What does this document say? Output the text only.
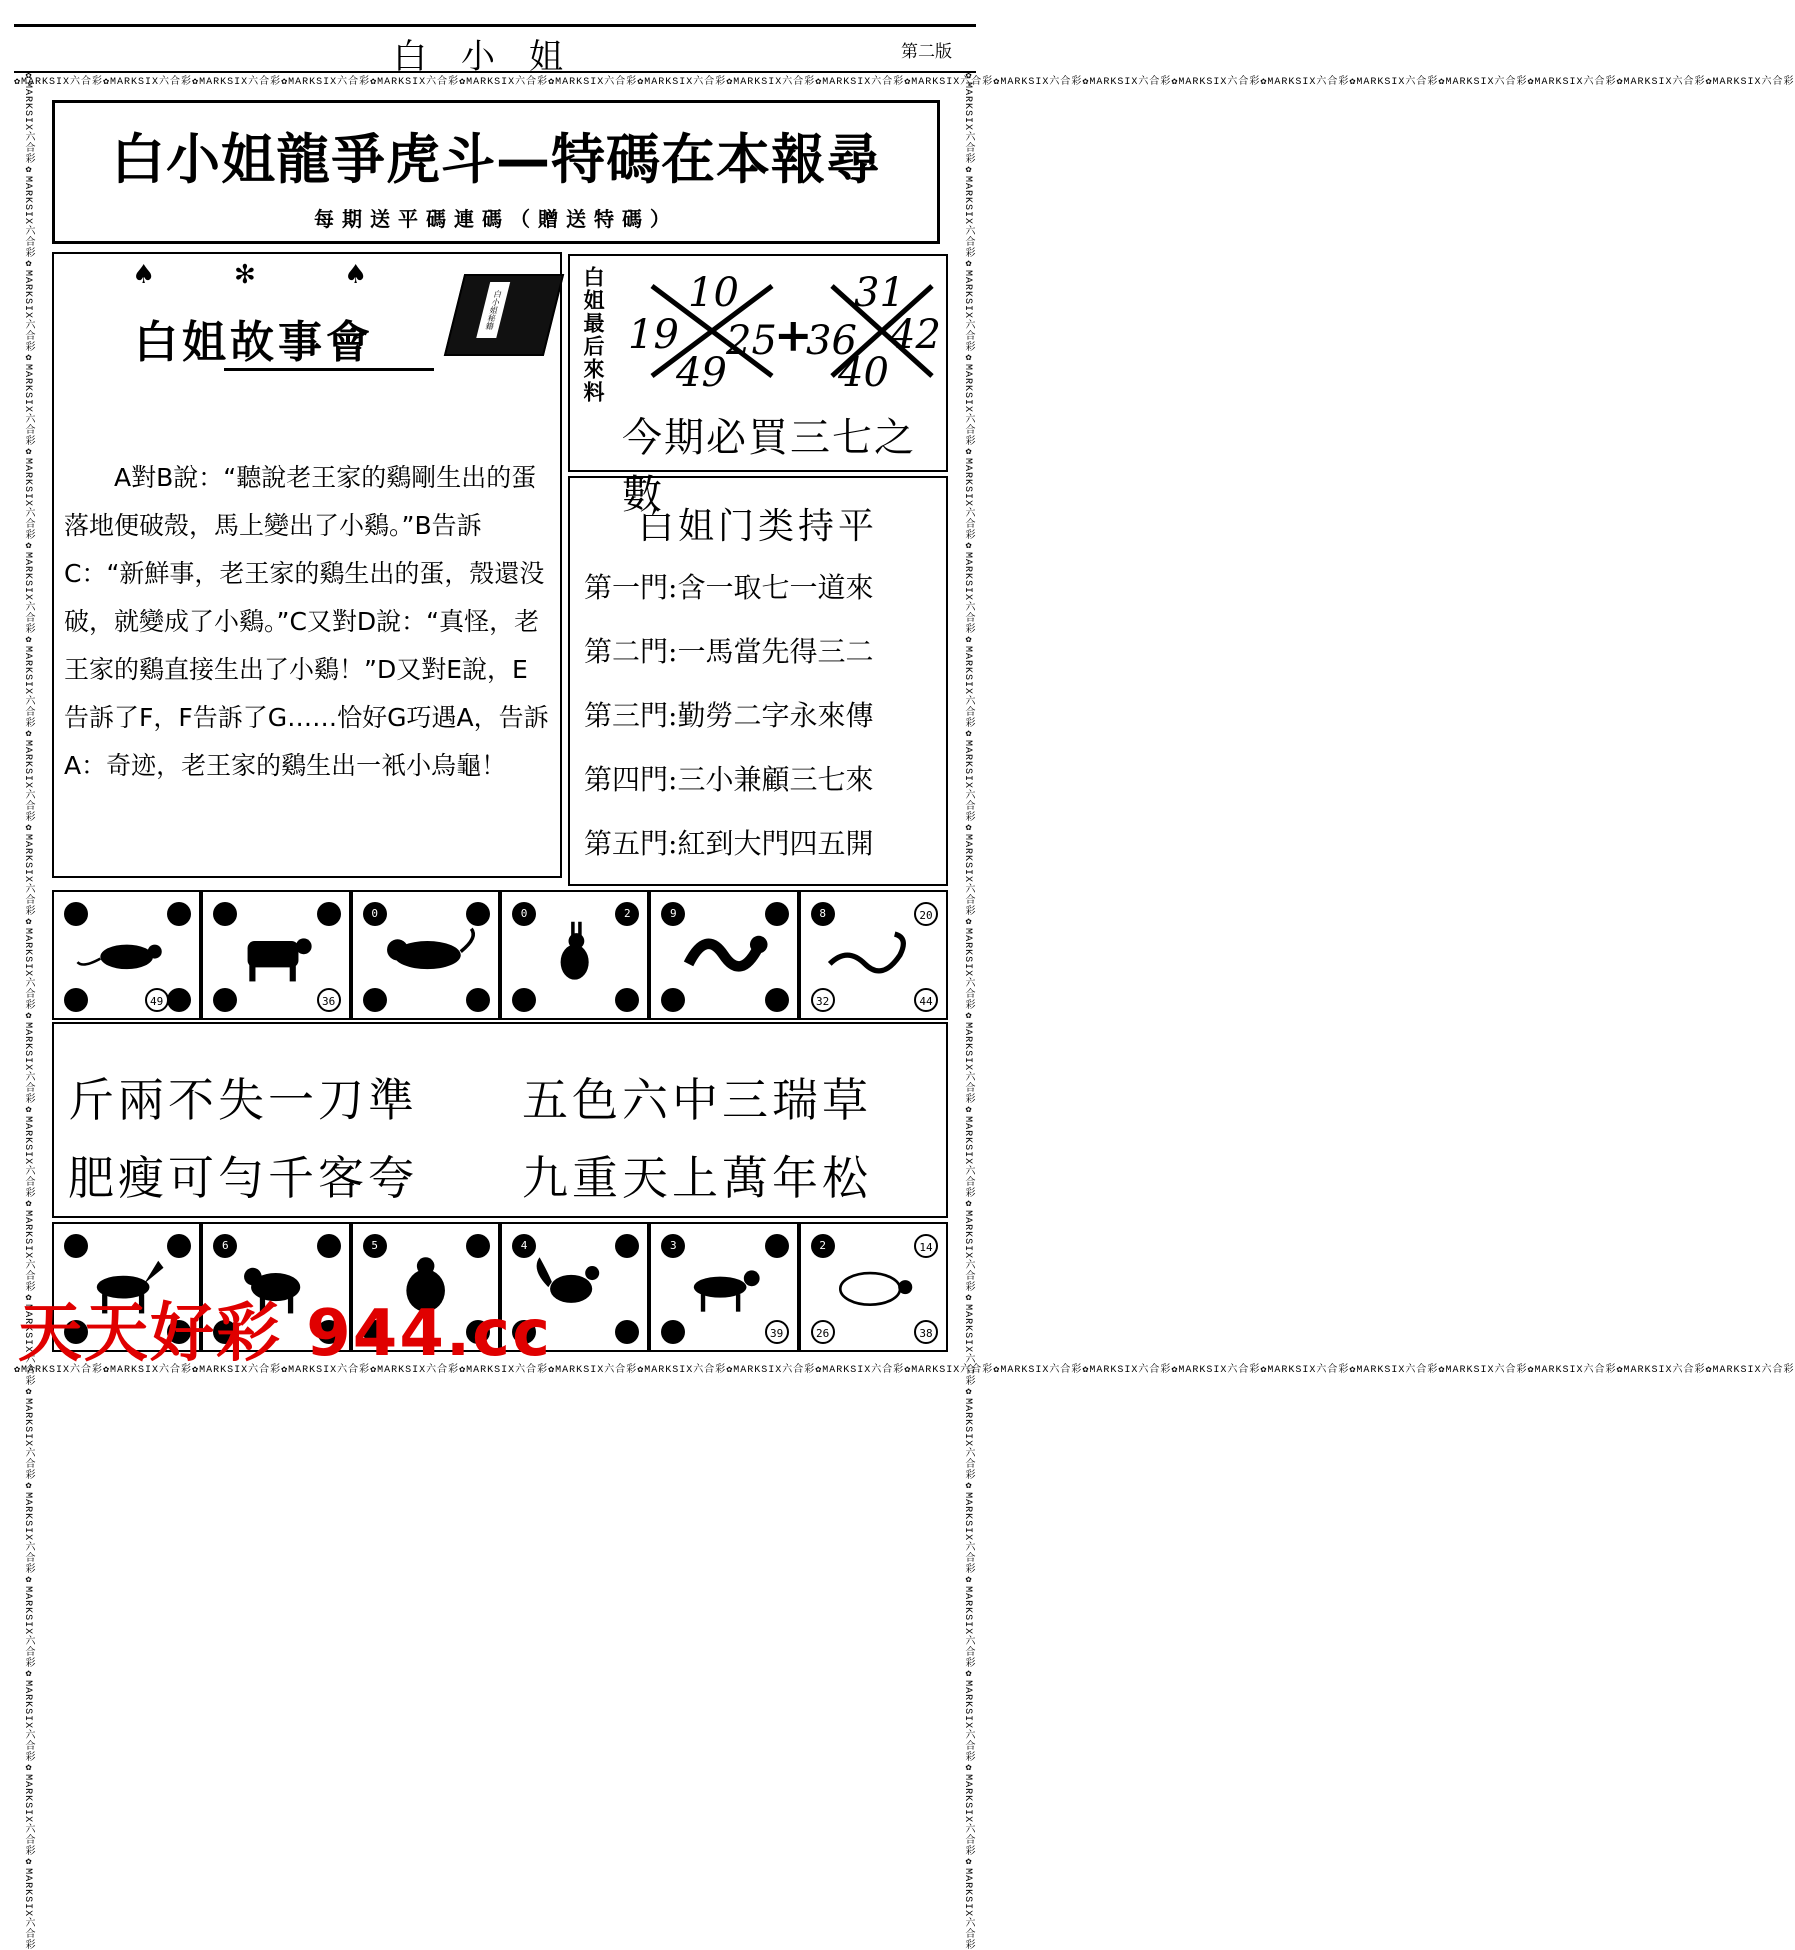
白小姐	第二版
✿MARKSIX六合彩✿MARKSIX六合彩✿MARKSIX六合彩✿MARKSIX六合彩✿MARKSIX六合彩✿MARKSIX六合彩✿MARKSIX六合彩✿MARKSIX六合彩✿MARKSIX六合彩✿MARKSIX六合彩✿MARKSIX六合彩✿MARKSIX六合彩✿MARKSIX六合彩✿MARKSIX六合彩✿MARKSIX六合彩✿MARKSIX六合彩✿MARKSIX六合彩✿MARKSIX六合彩✿MARKSIX六合彩✿MARKSIX六合彩
✿MARKSIX六合彩✿MARKSIX六合彩✿MARKSIX六合彩✿MARKSIX六合彩✿MARKSIX六合彩✿MARKSIX六合彩✿MARKSIX六合彩✿MARKSIX六合彩✿MARKSIX六合彩✿MARKSIX六合彩✿MARKSIX六合彩✿MARKSIX六合彩✿MARKSIX六合彩✿MARKSIX六合彩✿MARKSIX六合彩✿MARKSIX六合彩✿MARKSIX六合彩✿MARKSIX六合彩✿MARKSIX六合彩✿MARKSIX六合彩
✿MARKSIX六合彩✿MARKSIX六合彩✿MARKSIX六合彩✿MARKSIX六合彩✿MARKSIX六合彩✿MARKSIX六合彩✿MARKSIX六合彩✿MARKSIX六合彩✿MARKSIX六合彩✿MARKSIX六合彩✿MARKSIX六合彩✿MARKSIX六合彩✿MARKSIX六合彩✿MARKSIX六合彩✿MARKSIX六合彩✿MARKSIX六合彩✿MARKSIX六合彩✿MARKSIX六合彩✿MARKSIX六合彩✿MARKSIX六合彩	✿MARKSIX六合彩✿MARKSIX六合彩✿MARKSIX六合彩✿MARKSIX六合彩✿MARKSIX六合彩✿MARKSIX六合彩✿MARKSIX六合彩✿MARKSIX六合彩✿MARKSIX六合彩✿MARKSIX六合彩✿MARKSIX六合彩✿MARKSIX六合彩✿MARKSIX六合彩✿MARKSIX六合彩✿MARKSIX六合彩✿MARKSIX六合彩✿MARKSIX六合彩✿MARKSIX六合彩✿MARKSIX六合彩✿MARKSIX六合彩
白小姐龍爭虎斗—特碼在本報尋
每期送平碼連碼（贈送特碼）
♠	✻	♠
白姐故事會
白小姐秘籍
A對B說：“聽說老王家的鷄剛生出的蛋落地便破殼，馬上變出了小鷄。”B告訴C：“新鮮事，老王家的鷄生出的蛋，殼還没破，就變成了小鷄。”C又對D說：“真怪，老王家的鷄直接生出了小鷄！”D又對E說，E告訴了F，F告訴了G……恰好G巧遇A，告訴A：奇迹，老王家的鷄生出一衹小烏龜！
白姐最后來料 10
19 25
49
+
36
31
42
40
今期必買三七之數
白姐门类持平
第一門:含一取七一道來
第二門:一馬當先得三二
第三門:勤勞二字永來傳
第四門:三小兼顧三七來
第五門:紅到大門四五開
49	36
0	0	2	9	8	20
32	44
斤兩不失一刀準 五色六中三瑞草
肥瘦可勻千客夸 九重天上萬年松
6	5	4	3
39
2	14
26	38
天天好彩 944.cc
